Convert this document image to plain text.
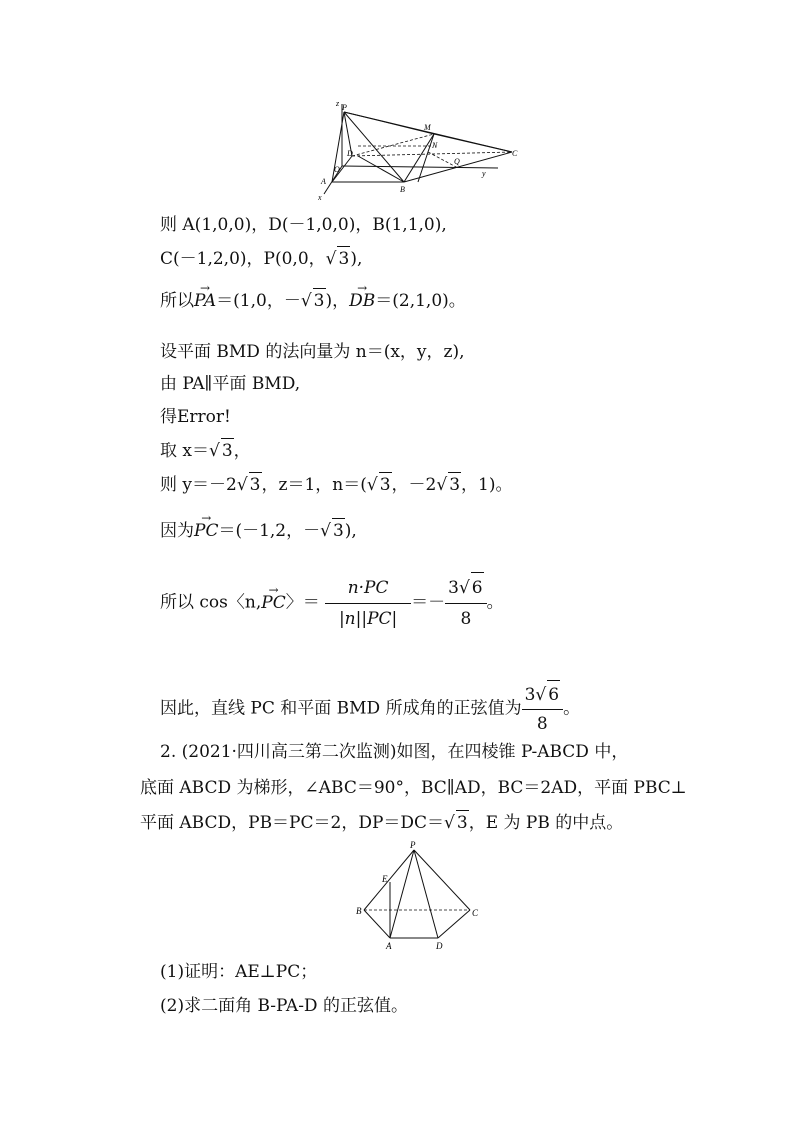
z P
M
N
D
O
A
B
Q
C
y
x
则 A(1,0,0)，D(－1,0,0)，B(1,1,0),
C(－1,2,0)，P(0,0，√ 3),
所以→ PA＝(1,0，－√ 3)，→ DB＝(2,1,0)。
设平面 BMD 的法向量为 n＝(x，y，z),
由 PA∥平面 BMD,
得Error!
取 x＝√ 3，
则 y＝－2√ 3，z＝1，n＝(√ 3，－2√ 3，1)。
因为→ PC＝(－1,2，－√ 3),
所以 cos〈n,→ PC〉＝ $\frac{n\cdot PC}{|n||PC|} =- \frac{3√ 6}{8}$ 。
因此，直线 PC 和平面 BMD 所成角的正弦值为 $\frac{3√ 6}{8}$ 。
2. (2021·四川高三第二次监测)如图，在四棱锥 P-ABCD 中，
底面 ABCD 为梯形，∠ABC＝90°，BC∥AD，BC＝2AD，平面 PBC⊥
平面 ABCD，PB＝PC＝2，DP＝DC＝√ 3，E 为 PB 的中点。
P
E
B	C
A	D
(1)证明：AE⊥PC；
(2)求二面角 B-PA-D 的正弦值。
